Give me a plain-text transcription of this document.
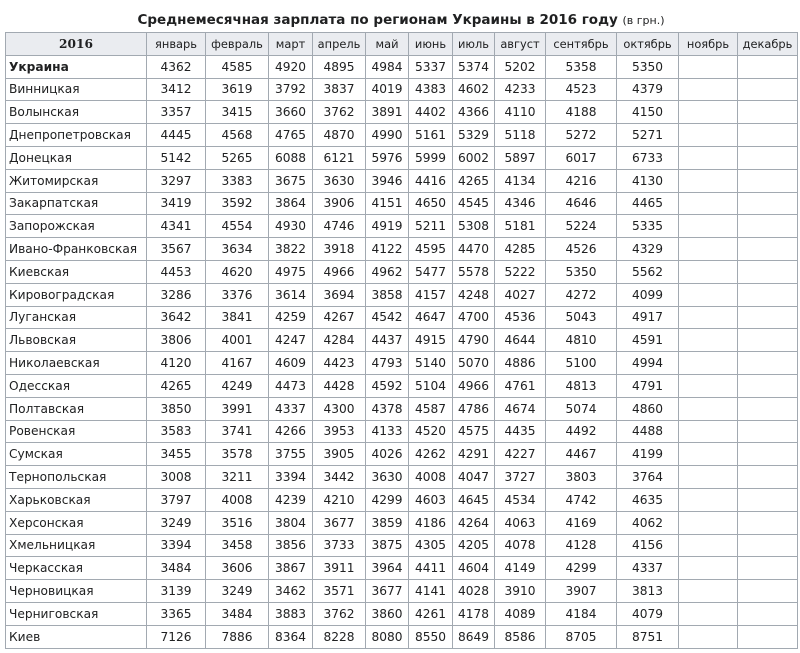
Среднемесячная зарплата по регионам Украины в 2016 году (в грн.)
2016	январь	февраль	март	апрель	май	июнь	июль	август	сентябрь	октябрь	ноябрь	декабрь
Украина	4362	4585	4920	4895	4984	5337	5374	5202	5358	5350		
Винницкая	3412	3619	3792	3837	4019	4383	4602	4233	4523	4379		
Волынская	3357	3415	3660	3762	3891	4402	4366	4110	4188	4150		
Днепропетровская	4445	4568	4765	4870	4990	5161	5329	5118	5272	5271		
Донецкая	5142	5265	6088	6121	5976	5999	6002	5897	6017	6733		
Житомирская	3297	3383	3675	3630	3946	4416	4265	4134	4216	4130		
Закарпатская	3419	3592	3864	3906	4151	4650	4545	4346	4646	4465		
Запорожская	4341	4554	4930	4746	4919	5211	5308	5181	5224	5335		
Ивано-Франковская	3567	3634	3822	3918	4122	4595	4470	4285	4526	4329		
Киевская	4453	4620	4975	4966	4962	5477	5578	5222	5350	5562		
Кировоградская	3286	3376	3614	3694	3858	4157	4248	4027	4272	4099		
Луганская	3642	3841	4259	4267	4542	4647	4700	4536	5043	4917		
Львовская	3806	4001	4247	4284	4437	4915	4790	4644	4810	4591		
Николаевская	4120	4167	4609	4423	4793	5140	5070	4886	5100	4994		
Одесская	4265	4249	4473	4428	4592	5104	4966	4761	4813	4791		
Полтавская	3850	3991	4337	4300	4378	4587	4786	4674	5074	4860		
Ровенская	3583	3741	4266	3953	4133	4520	4575	4435	4492	4488		
Сумская	3455	3578	3755	3905	4026	4262	4291	4227	4467	4199		
Тернопольская	3008	3211	3394	3442	3630	4008	4047	3727	3803	3764		
Харьковская	3797	4008	4239	4210	4299	4603	4645	4534	4742	4635		
Херсонская	3249	3516	3804	3677	3859	4186	4264	4063	4169	4062		
Хмельницкая	3394	3458	3856	3733	3875	4305	4205	4078	4128	4156		
Черкасская	3484	3606	3867	3911	3964	4411	4604	4149	4299	4337		
Черновицкая	3139	3249	3462	3571	3677	4141	4028	3910	3907	3813		
Черниговская	3365	3484	3883	3762	3860	4261	4178	4089	4184	4079		
Киев	7126	7886	8364	8228	8080	8550	8649	8586	8705	8751		
